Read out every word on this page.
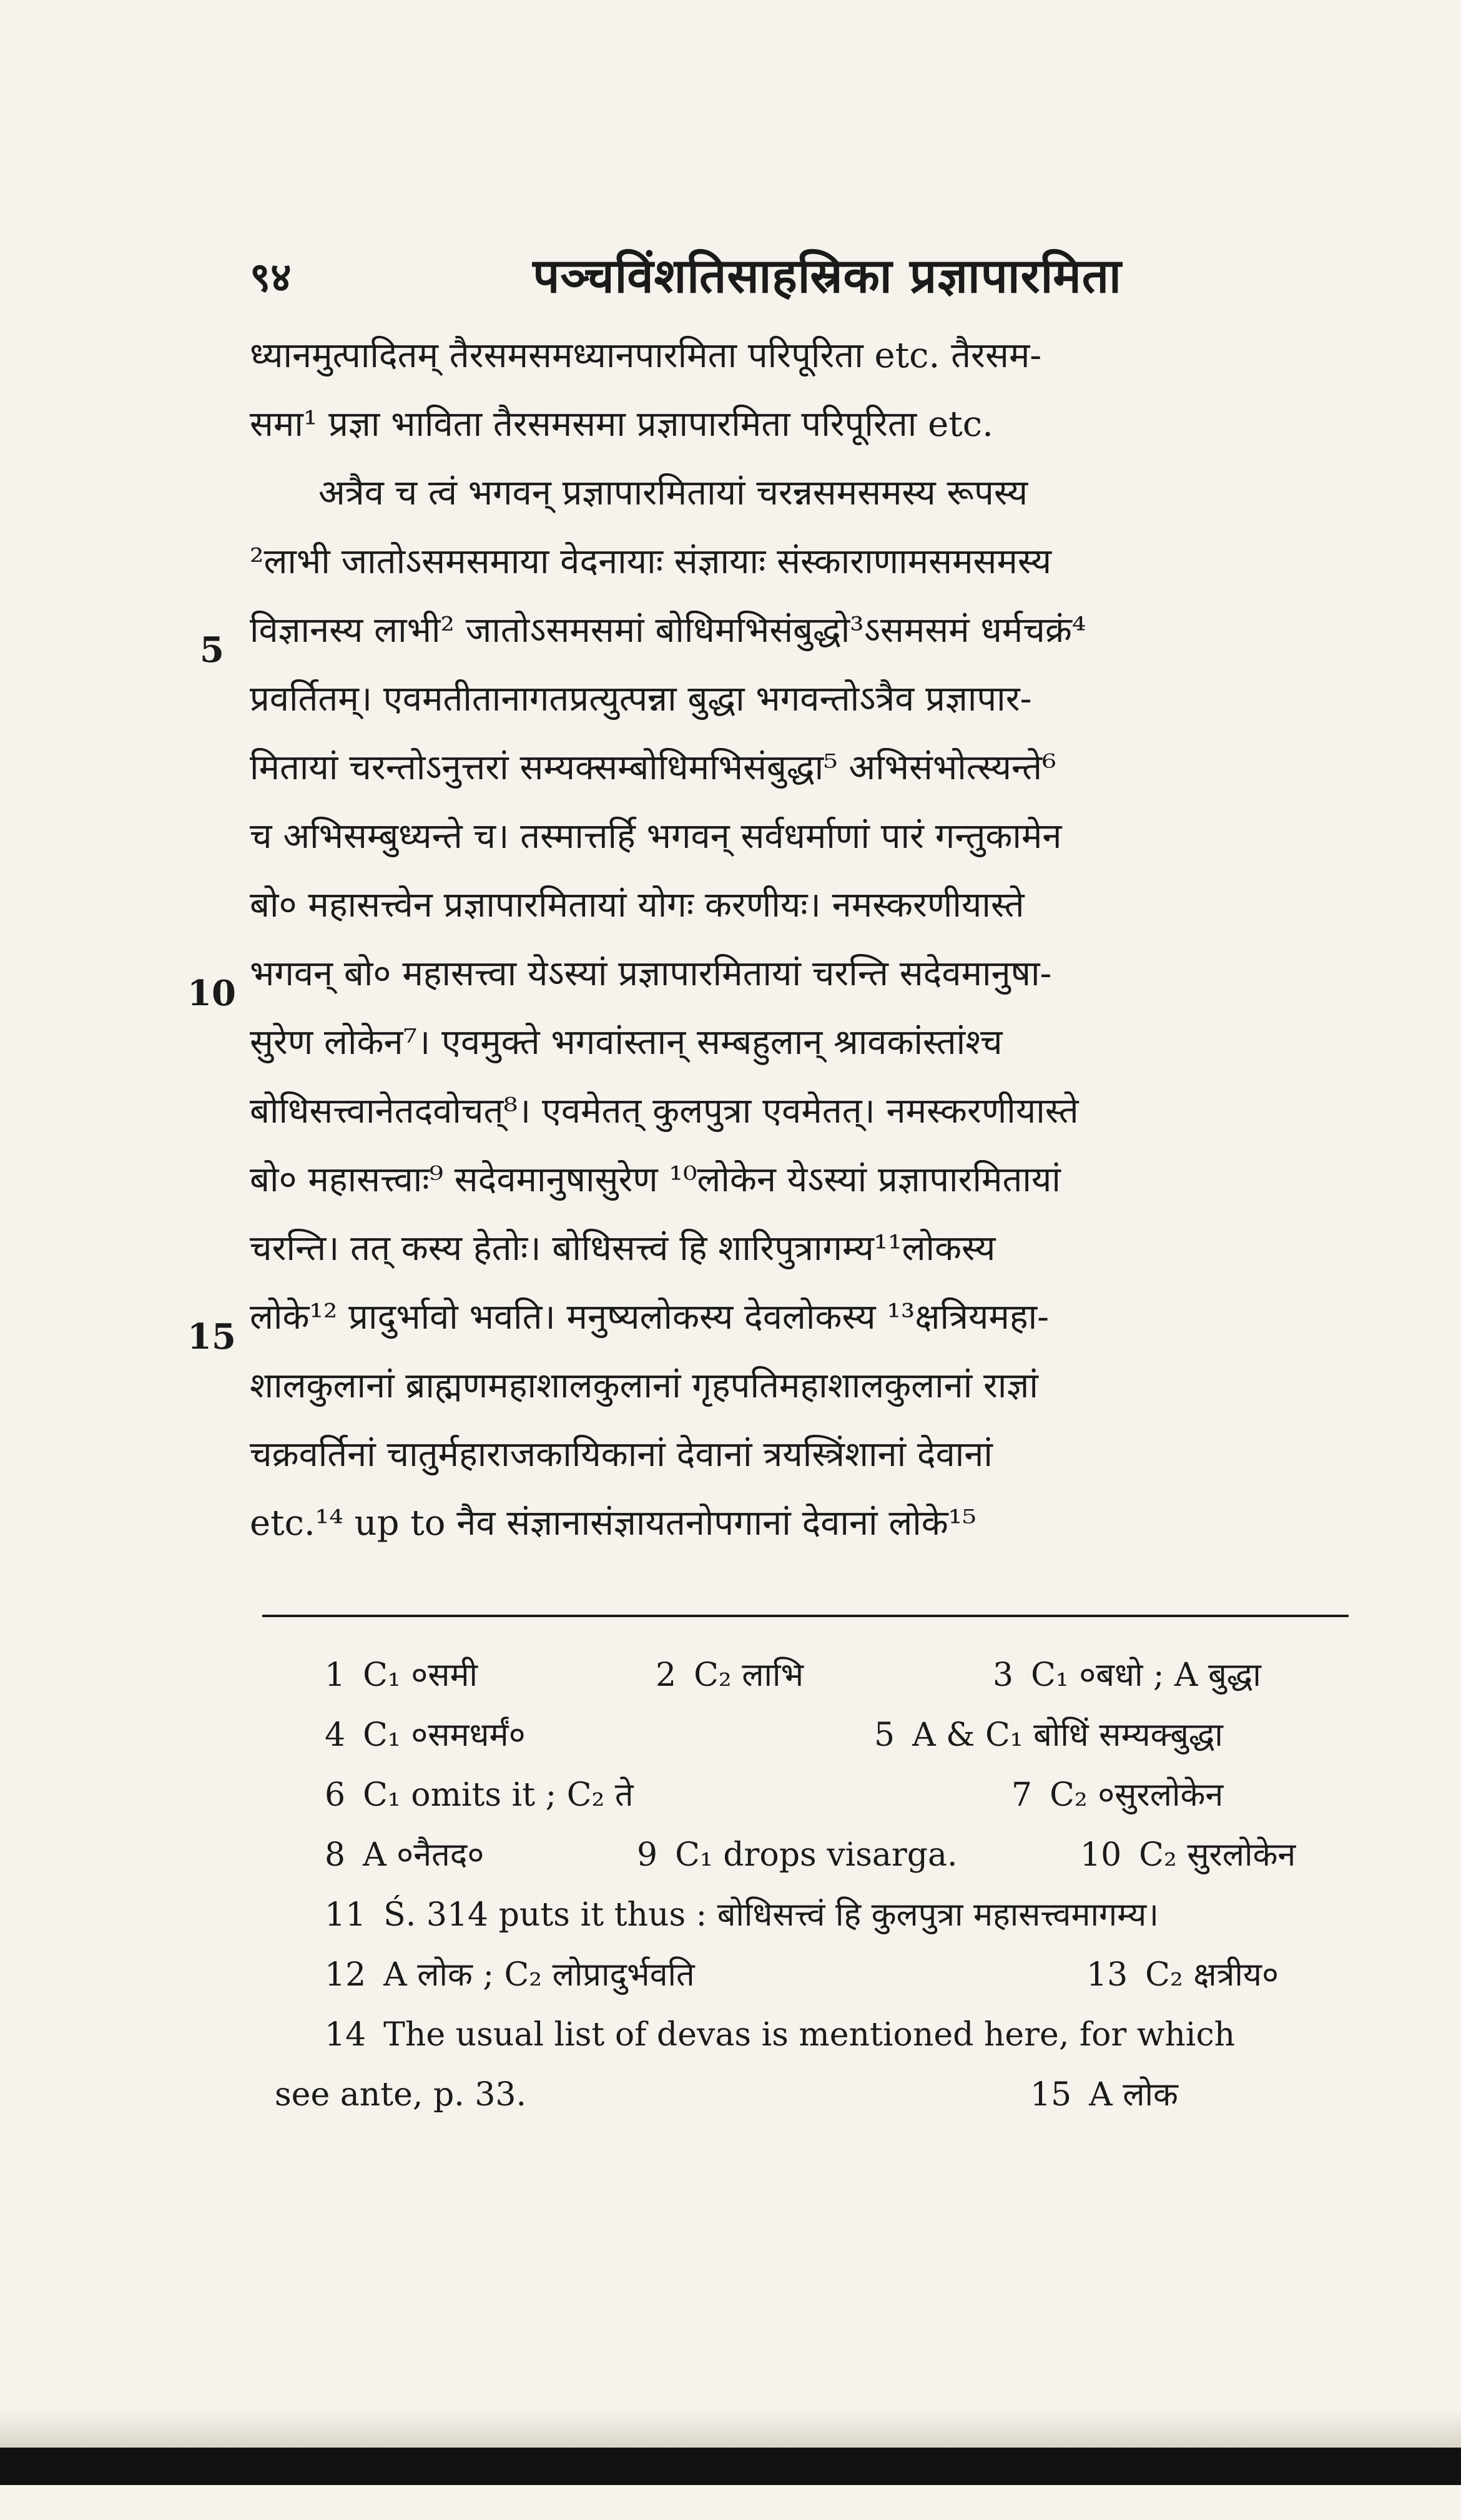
९४	पञ्चविंशतिसाहस्रिका प्रज्ञापारमिता
ध्यानमुत्पादितम् तैरसमसमध्यानपारमिता परिपूरिता etc. तैरसम-
समा¹ प्रज्ञा भाविता तैरसमसमा प्रज्ञापारमिता परिपूरिता etc.
अत्रैव च त्वं भगवन् प्रज्ञापारमितायां चरन्नसमसमस्य रूपस्य
²लाभी जातोऽसमसमाया वेदनायाः संज्ञायाः संस्काराणामसमसमस्य
विज्ञानस्य लाभी² जातोऽसमसमां बोधिमभिसंबुद्धो³ऽसमसमं धर्मचक्रं⁴
प्रवर्तितम्। एवमतीतानागतप्रत्युत्पन्ना बुद्धा भगवन्तोऽत्रैव प्रज्ञापार-
मितायां चरन्तोऽनुत्तरां सम्यक्सम्बोधिमभिसंबुद्धा⁵ अभिसंभोत्स्यन्ते⁶
च अभिसम्बुध्यन्ते च। तस्मात्तर्हि भगवन् सर्वधर्माणां पारं गन्तुकामेन
बो० महासत्त्वेन प्रज्ञापारमितायां योगः करणीयः। नमस्करणीयास्ते
भगवन् बो० महासत्त्वा येऽस्यां प्रज्ञापारमितायां चरन्ति सदेवमानुषा-
सुरेण लोकेन⁷। एवमुक्ते भगवांस्तान् सम्बहुलान् श्रावकांस्तांश्च
बोधिसत्त्वानेतदवोचत्⁸। एवमेतत् कुलपुत्रा एवमेतत्। नमस्करणीयास्ते
बो० महासत्त्वाः⁹ सदेवमानुषासुरेण ¹⁰लोकेन येऽस्यां प्रज्ञापारमितायां
चरन्ति। तत् कस्य हेतोः। बोधिसत्त्वं हि शारिपुत्रागम्य¹¹लोकस्य
लोके¹² प्रादुर्भावो भवति। मनुष्यलोकस्य देवलोकस्य ¹³क्षत्रियमहा-
शालकुलानां ब्राह्मणमहाशालकुलानां गृहपतिमहाशालकुलानां राज्ञां
चक्रवर्तिनां चातुर्महाराजकायिकानां देवानां त्रयस्त्रिंशानां देवानां
etc.¹⁴ up to नैव संज्ञानासंज्ञायतनोपगानां देवानां लोके¹⁵
5
10
15
1 C₁ ०समी	2 C₂ लाभि	3 C₁ ०बधो ; A बुद्धा
4 C₁ ०समधर्मं०	5 A & C₁ बोधिं सम्यक्बुद्धा
6 C₁ omits it ; C₂ ते	7 C₂ ०सुरलोकेन
8 A ०नैतद०	9 C₁ drops visarga.	10 C₂ सुरलोकेन
11 Ś. 314 puts it thus : बोधिसत्त्वं हि कुलपुत्रा महासत्त्वमागम्य।
12 A लोक ; C₂ लोप्रादुर्भवति	13 C₂ क्षत्रीय०
14 The usual list of devas is mentioned here, for which
see ante, p. 33.	15 A लोक
